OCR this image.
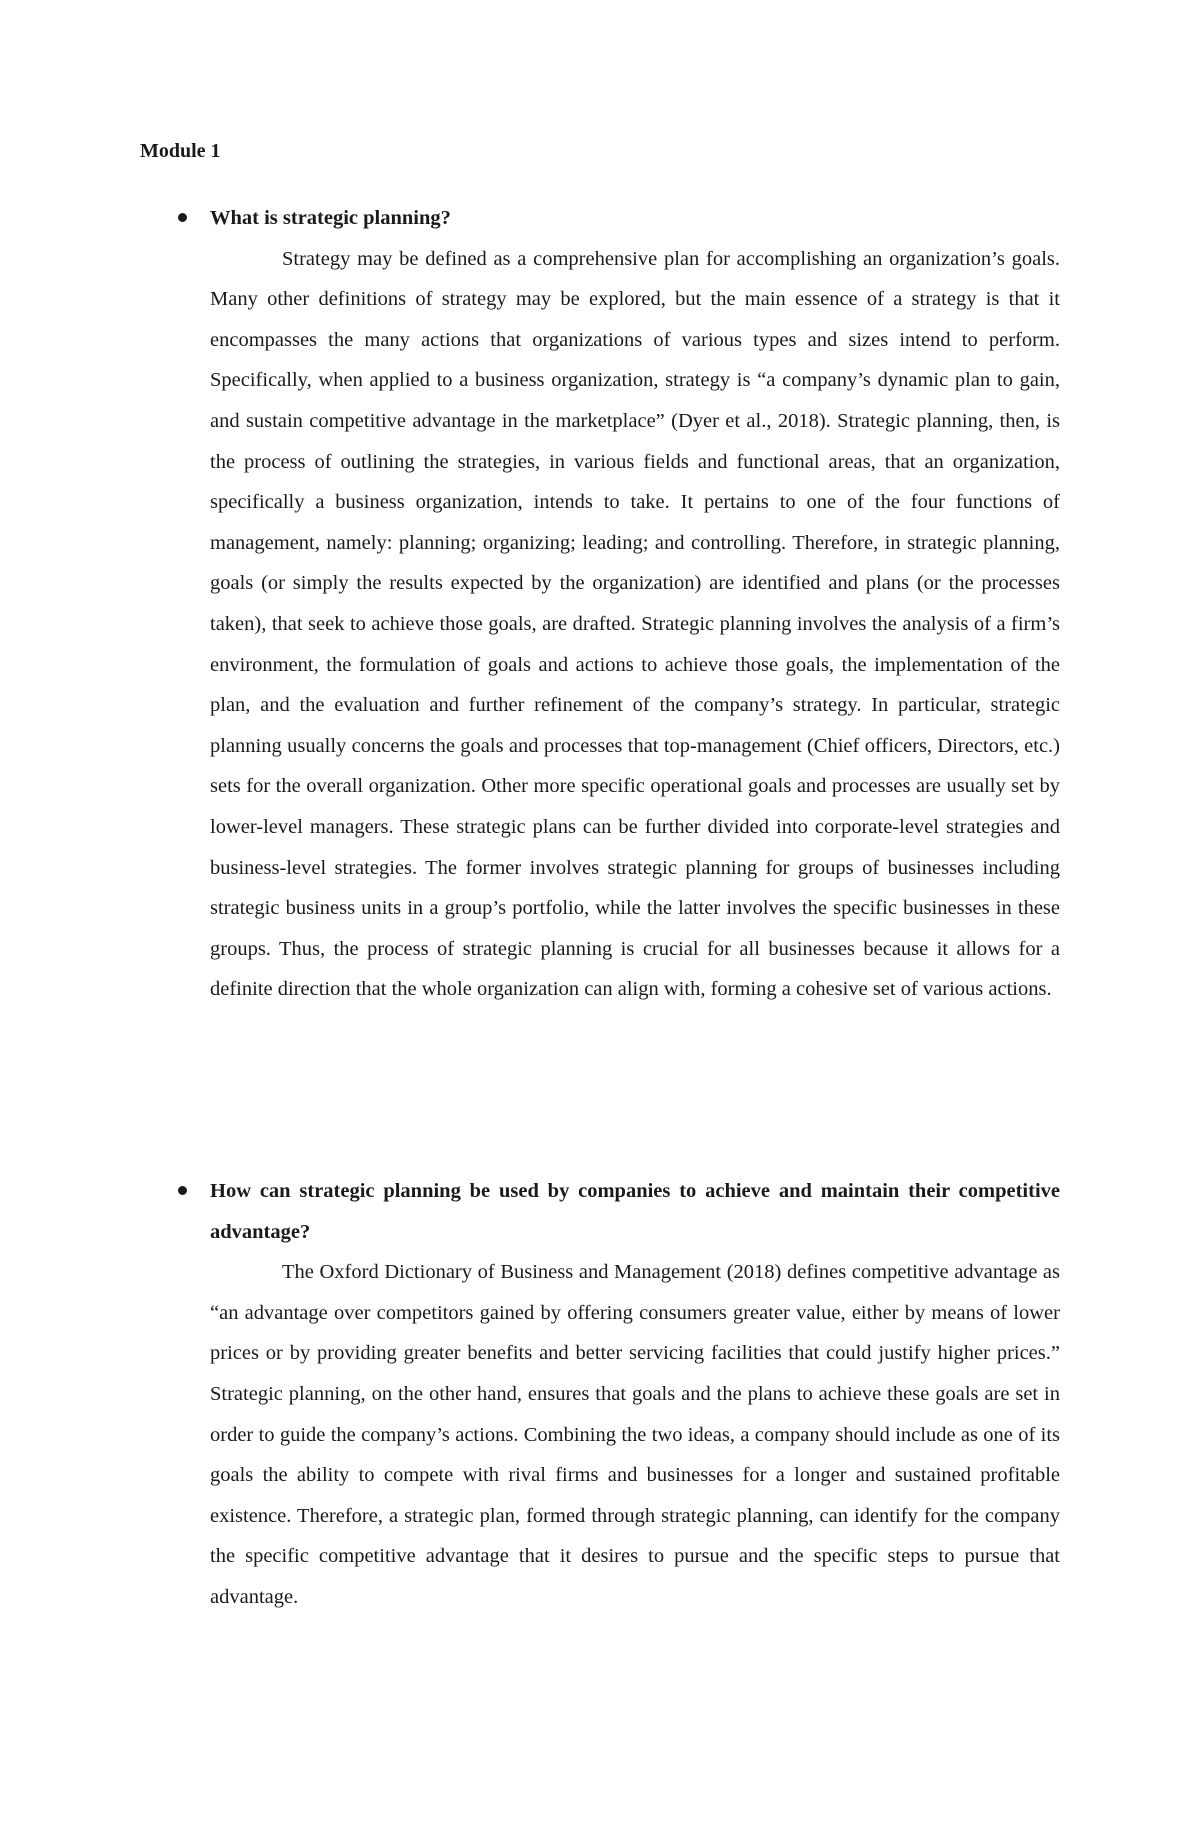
Module 1
What is strategic planning?

Strategy may be defined as a comprehensive plan for accomplishing an organization’s goals. Many other definitions of strategy may be explored, but the main essence of a strategy is that it encompasses the many actions that organizations of various types and sizes intend to perform. Specifically, when applied to a business organization, strategy is “a company’s dynamic plan to gain, and sustain competitive advantage in the marketplace” (Dyer et al., 2018). Strategic planning, then, is the process of outlining the strategies, in various fields and functional areas, that an organization, specifically a business organization, intends to take. It pertains to one of the four functions of management, namely: planning; organizing; leading; and controlling. Therefore, in strategic planning, goals (or simply the results expected by the organization) are identified and plans (or the processes taken), that seek to achieve those goals, are drafted. Strategic planning involves the analysis of a firm’s environment, the formulation of goals and actions to achieve those goals, the implementation of the plan, and the evaluation and further refinement of the company’s strategy. In particular, strategic planning usually concerns the goals and processes that top-management (Chief officers, Directors, etc.) sets for the overall organization. Other more specific operational goals and processes are usually set by lower-level managers. These strategic plans can be further divided into corporate-level strategies and business-level strategies. The former involves strategic planning for groups of businesses including strategic business units in a group’s portfolio, while the latter involves the specific businesses in these groups. Thus, the process of strategic planning is crucial for all businesses because it allows for a definite direction that the whole organization can align with, forming a cohesive set of various actions.

How can strategic planning be used by companies to achieve and maintain their competitive advantage?

The Oxford Dictionary of Business and Management (2018) defines competitive advantage as “an advantage over competitors gained by offering consumers greater value, either by means of lower prices or by providing greater benefits and better servicing facilities that could justify higher prices.” Strategic planning, on the other hand, ensures that goals and the plans to achieve these goals are set in order to guide the company’s actions. Combining the two ideas, a company should include as one of its goals the ability to compete with rival firms and businesses for a longer and sustained profitable existence. Therefore, a strategic plan, formed through strategic planning, can identify for the company the specific competitive advantage that it desires to pursue and the specific steps to pursue that advantage.
